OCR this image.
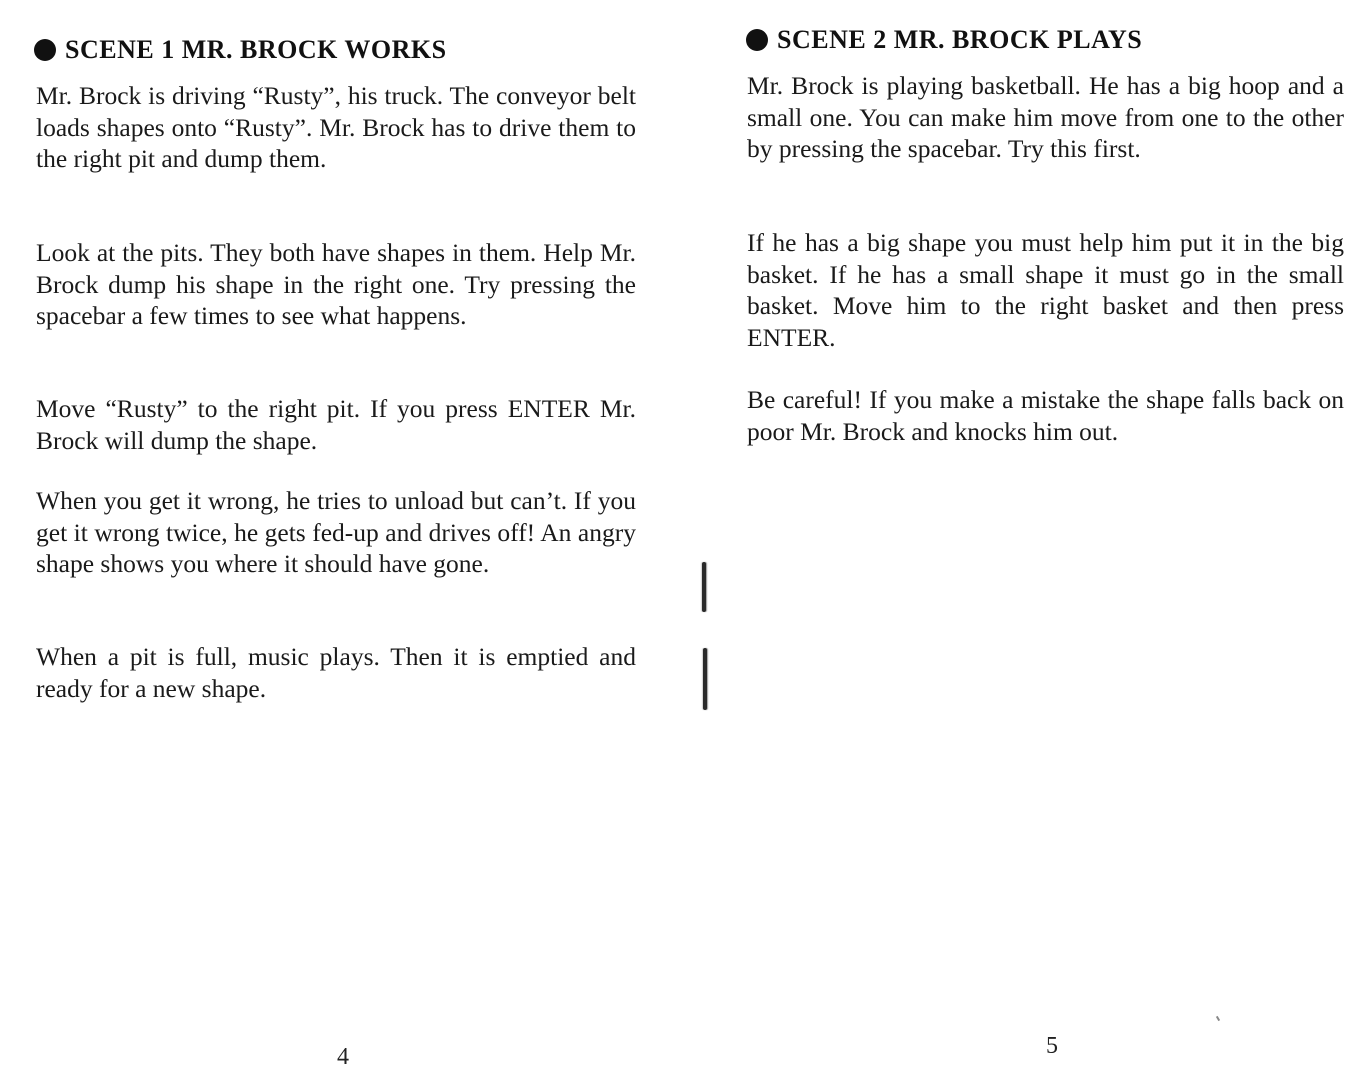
SCENE 1 MR. BROCK WORKS

Mr. Brock is driving “Rusty”, his truck. The conveyor belt loads shapes onto “Rusty”. Mr. Brock has to drive them to the right pit and dump them.

Look at the pits. They both have shapes in them. Help Mr. Brock dump his shape in the right one. Try pressing the spacebar a few times to see what happens.

Move “Rusty” to the right pit. If you press ENTER Mr. Brock will dump the shape.

When you get it wrong, he tries to unload but can’t. If you get it wrong twice, he gets fed-up and drives off! An angry shape shows you where it should have gone.

When a pit is full, music plays. Then it is emptied and ready for a new shape.

4
SCENE 2 MR. BROCK PLAYS

Mr. Brock is playing basketball. He has a big hoop and a small one. You can make him move from one to the other by pressing the spacebar. Try this first.

If he has a big shape you must help him put it in the big basket. If he has a small shape it must go in the small basket. Move him to the right basket and then press ENTER.

Be careful! If you make a mistake the shape falls back on poor Mr. Brock and knocks him out.

5
